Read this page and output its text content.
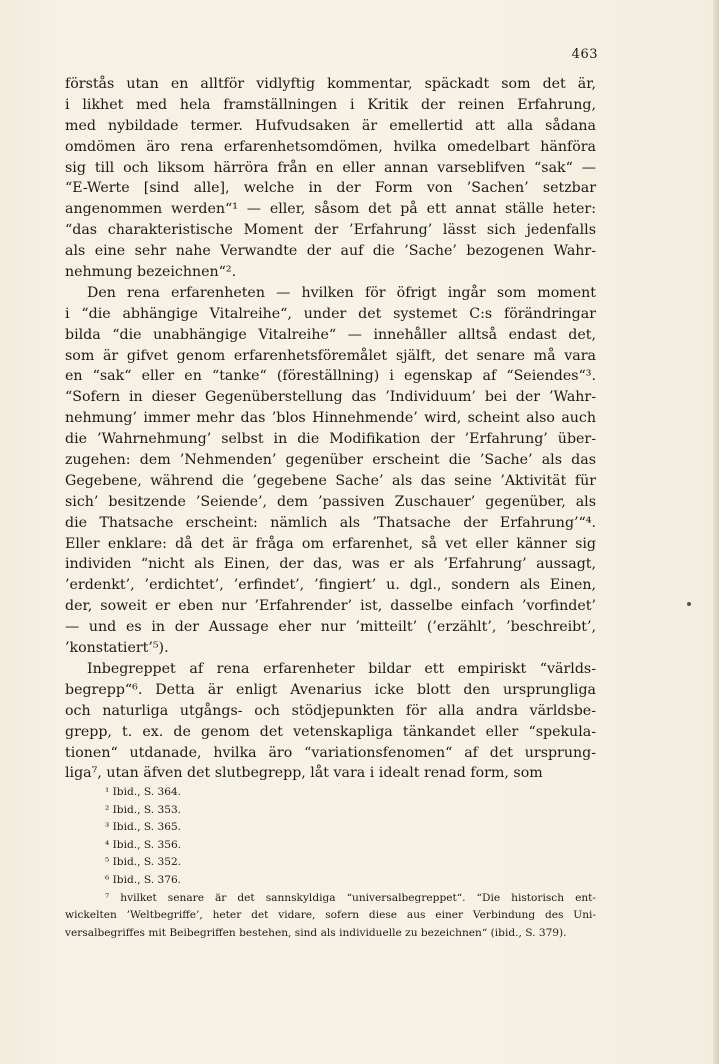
463
förstås utan en alltför vidlyftig kommentar, späckadt som det är,
i likhet med hela framställningen i Kritik der reinen Erfahrung,
med nybildade termer. Hufvudsaken är emellertid att alla sådana
omdömen äro rena erfarenhetsomdömen, hvilka omedelbart hänföra
sig till och liksom härröra från en eller annan varseblifven “sak“ —
“E-Werte [sind alle], welche in der Form von ’Sachen’ setzbar
angenommen werden“¹ — eller, såsom det på ett annat ställe heter:
“das charakteristische Moment der ’Erfahrung’ lässt sich jedenfalls
als eine sehr nahe Verwandte der auf die ’Sache’ bezogenen Wahr-
nehmung bezeichnen“².
Den rena erfarenheten — hvilken för öfrigt ingår som moment
i “die abhängige Vitalreihe“, under det systemet C:s förändringar
bilda “die unabhängige Vitalreihe“ — innehåller alltså endast det,
som är gifvet genom erfarenhetsföremålet själft, det senare må vara
en “sak“ eller en “tanke“ (föreställning) i egenskap af “Seiendes“³.
“Sofern in dieser Gegenüberstellung das ’Individuum’ bei der ’Wahr-
nehmung’ immer mehr das ’blos Hinnehmende’ wird, scheint also auch
die ’Wahrnehmung’ selbst in die Modifikation der ’Erfahrung’ über-
zugehen: dem ’Nehmenden’ gegenüber erscheint die ’Sache’ als das
Gegebene, während die ’gegebene Sache’ als das seine ’Aktivität für
sich’ besitzende ’Seiende’, dem ’passiven Zuschauer’ gegenüber, als
die Thatsache erscheint: nämlich als ’Thatsache der Erfahrung’“⁴.
Eller enklare: då det är fråga om erfarenhet, så vet eller känner sig
individen “nicht als Einen, der das, was er als ’Erfahrung’ aussagt,
’erdenkt’, ’erdichtet’, ’erfindet’, ’fingiert’ u. dgl., sondern als Einen,
der, soweit er eben nur ’Erfahrender’ ist, dasselbe einfach ’vorfindet’
— und es in der Aussage eher nur ’mitteilt’ (’erzählt’, ’beschreibt’,
’konstatiert’⁵).
Inbegreppet af rena erfarenheter bildar ett empiriskt “världs-
begrepp“⁶. Detta är enligt Avenarius icke blott den ursprungliga
och naturliga utgångs- och stödjepunkten för alla andra världsbe-
grepp, t. ex. de genom det vetenskapliga tänkandet eller “spekula-
tionen“ utdanade, hvilka äro “variationsfenomen“ af det ursprung-
liga⁷, utan äfven det slutbegrepp, låt vara i idealt renad form, som
¹ Ibid., S. 364.
² Ibid., S. 353.
³ Ibid., S. 365.
⁴ Ibid., S. 356.
⁵ Ibid., S. 352.
⁶ Ibid., S. 376.
⁷ hvilket senare är det sannskyldiga “universalbegreppet“. “Die historisch ent-
wickelten ’Weltbegriffe’, heter det vidare, sofern diese aus einer Verbindung des Uni-
versalbegriffes mit Beibegriffen bestehen, sind als individuelle zu bezeichnen“ (ibid., S. 379).
